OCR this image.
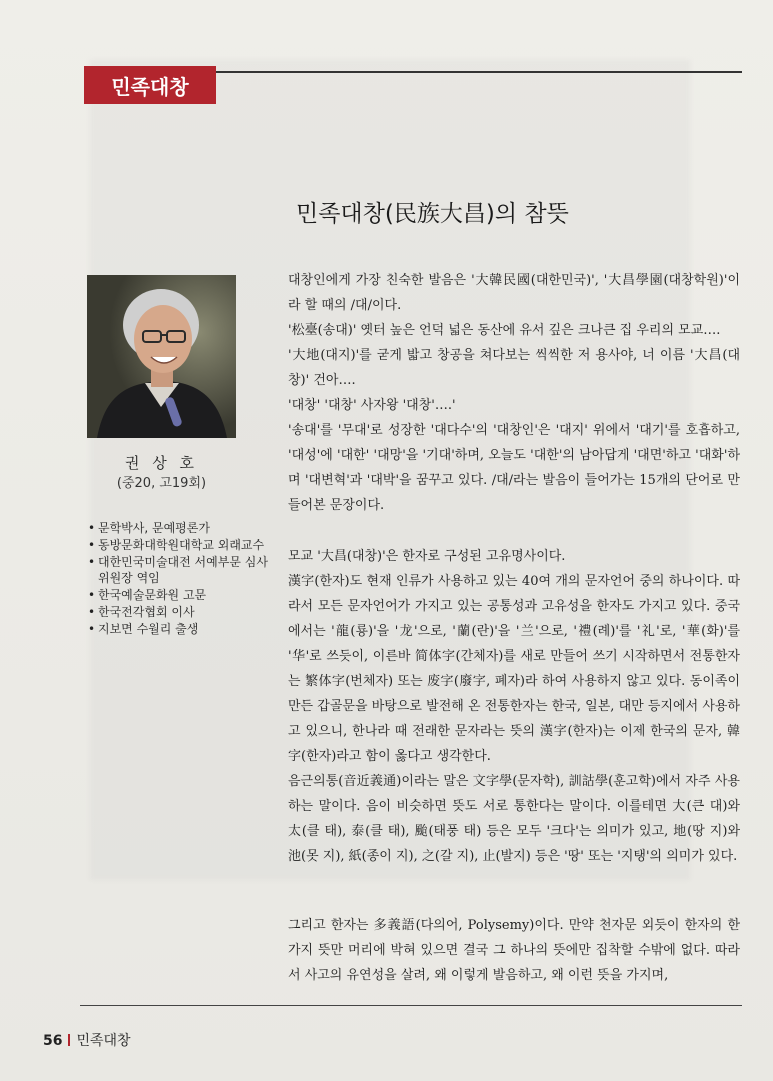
민족대창
민족대창(民族大昌)의 참뜻
권 상 호
(중20, 고19회)
• 문학박사, 문예평론가
• 동방문화대학원대학교 외래교수
• 대한민국미술대전 서예부문 심사위원장 역임
• 한국예술문화원 고문
• 한국전각협회 이사
• 지보면 수월리 출생

대창인에게 가장 친숙한 발음은 '大韓民國(대한민국)', '大昌學園(대창학원)'이라 할 때의 /대/이다.

'松臺(송대)' 옛터 높은 언덕 넓은 동산에 유서 깊은 크나큰 집 우리의 모교….

'大地(대지)'를 굳게 밟고 창공을 쳐다보는 씩씩한 저 용사야, 너 이름 '大昌(대창)' 건아….

'대창' '대창' 사자왕 '대창'….'

'송대'를 '무대'로 성장한 '대다수'의 '대창인'은 '대지' 위에서 '대기'를 호흡하고, '대성'에 '대한' '대망'을 '기대'하며, 오늘도 '대한'의 남아답게 '대면'하고 '대화'하며 '대변혁'과 '대박'을 꿈꾸고 있다. /대/라는 발음이 들어가는 15개의 단어로 만들어본 문장이다.

모교 '大昌(대창)'은 한자로 구성된 고유명사이다.

漢字(한자)도 현재 인류가 사용하고 있는 40여 개의 문자언어 중의 하나이다. 따라서 모든 문자언어가 가지고 있는 공통성과 고유성을 한자도 가지고 있다. 중국에서는 '龍(룡)'을 '龙'으로, '蘭(란)'을 '兰'으로, '禮(례)'를 '礼'로, '華(화)'를 '华'로 쓰듯이, 이른바 简体字(간체자)를 새로 만들어 쓰기 시작하면서 전통한자는 繁体字(번체자) 또는 废字(廢字, 폐자)라 하여 사용하지 않고 있다. 동이족이 만든 갑골문을 바탕으로 발전해 온 전통한자는 한국, 일본, 대만 등지에서 사용하고 있으니, 한나라 때 전래한 문자라는 뜻의 漢字(한자)는 이제 한국의 문자, 韓字(한자)라고 함이 옳다고 생각한다.

음근의통(音近義通)이라는 말은 文字學(문자학), 訓詁學(훈고학)에서 자주 사용하는 말이다. 음이 비슷하면 뜻도 서로 통한다는 말이다. 이를테면 大(큰 대)와 太(클 태), 泰(클 태), 颱(태풍 태) 등은 모두 '크다'는 의미가 있고, 地(땅 지)와 池(못 지), 紙(종이 지), 之(갈 지), 止(발지) 등은 '땅' 또는 '지탱'의 의미가 있다.

그리고 한자는 多義語(다의어, Polysemy)이다. 만약 천자문 외듯이 한자의 한 가지 뜻만 머리에 박혀 있으면 결국 그 하나의 뜻에만 집착할 수밖에 없다. 따라서 사고의 유연성을 살려, 왜 이렇게 발음하고, 왜 이런 뜻을 가지며,

56 민족대창
